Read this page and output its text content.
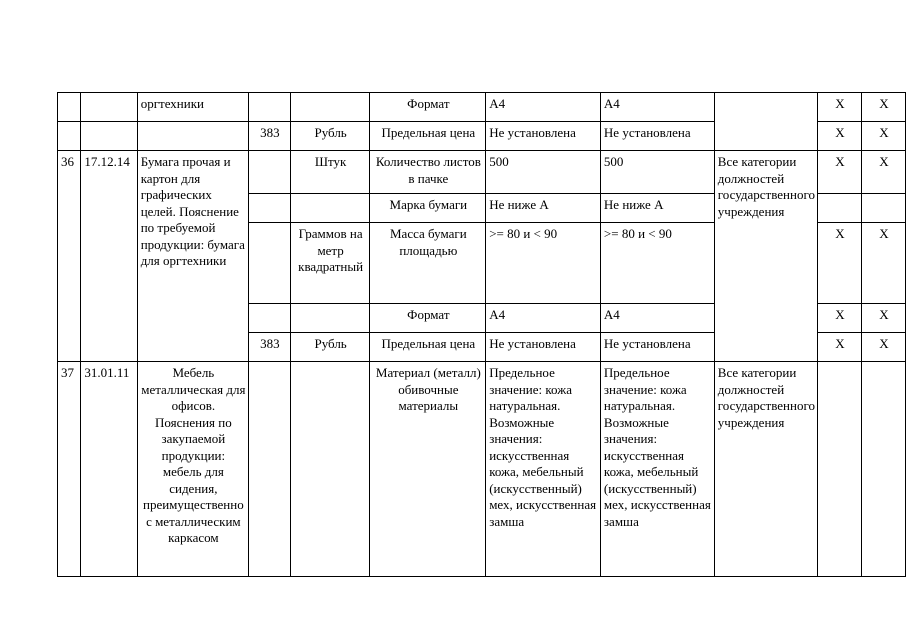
		оргтехники			Формат	А4	А4		Х	Х
			383	Рубль	Предельная цена	Не установлена	Не установлена		Х	Х
36	17.12.14	Бумага прочая и картон для графических целей. Пояснение по требуемой продукции: бумага для оргтехники		Штук	Количество листов в пачке	500	500	Все категории должностей государственного учреждения	Х	Х
					Марка бумаги	Не ниже А	Не ниже А			
				Граммов на метр квадратный	Масса бумаги площадью	>= 80 и < 90	>= 80 и < 90		Х	Х
					Формат	А4	А4		Х	Х
			383	Рубль	Предельная цена	Не установлена	Не установлена		Х	Х
37	31.01.11	Мебель металлическая для офисов. Пояснения по закупаемой продукции: мебель для сидения, преимущественно с металлическим каркасом			Материал (металл) обивочные материалы	Предельное значение: кожа натуральная. Возможные значения: искусственная кожа, мебельный (искусственный) мех, искусственная замша	Предельное значение: кожа натуральная. Возможные значения: искусственная кожа, мебельный (искусственный) мех, искусственная замша	Все категории должностей государственного учреждения		
